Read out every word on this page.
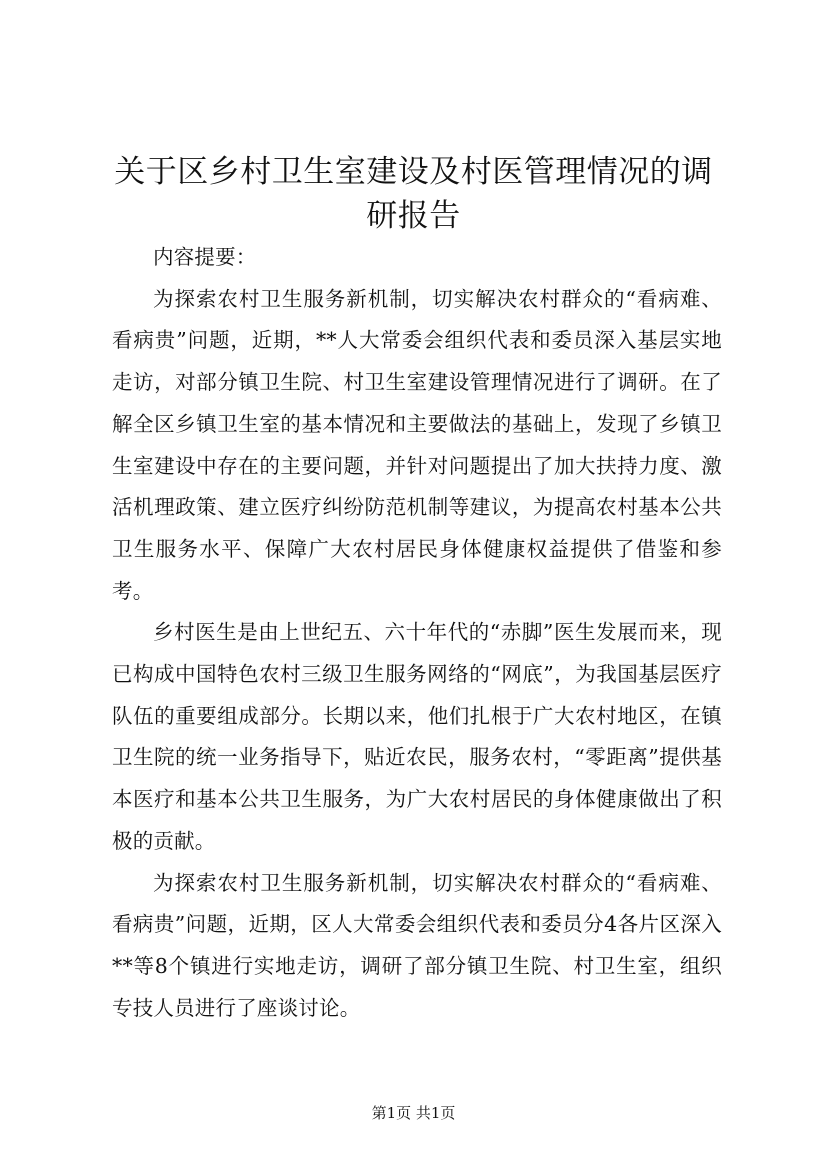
关于区乡村卫生室建设及村医管理情况的调研报告

内容提要：

为探索农村卫生服务新机制，切实解决农村群众的“看病难、看病贵”问题，近期，**人大常委会组织代表和委员深入基层实地走访，对部分镇卫生院、村卫生室建设管理情况进行了调研。在了解全区乡镇卫生室的基本情况和主要做法的基础上，发现了乡镇卫生室建设中存在的主要问题，并针对问题提出了加大扶持力度、激活机理政策、建立医疗纠纷防范机制等建议，为提高农村基本公共卫生服务水平、保障广大农村居民身体健康权益提供了借鉴和参考。

乡村医生是由上世纪五、六十年代的“赤脚”医生发展而来，现已构成中国特色农村三级卫生服务网络的“网底”，为我国基层医疗队伍的重要组成部分。长期以来，他们扎根于广大农村地区，在镇卫生院的统一业务指导下，贴近农民，服务农村，“零距离”提供基本医疗和基本公共卫生服务，为广大农村居民的身体健康做出了积极的贡献。

为探索农村卫生服务新机制，切实解决农村群众的“看病难、看病贵”问题，近期，区人大常委会组织代表和委员分4各片区深入**等8个镇进行实地走访，调研了部分镇卫生院、村卫生室，组织专技人员进行了座谈讨论。

第1页 共1页
